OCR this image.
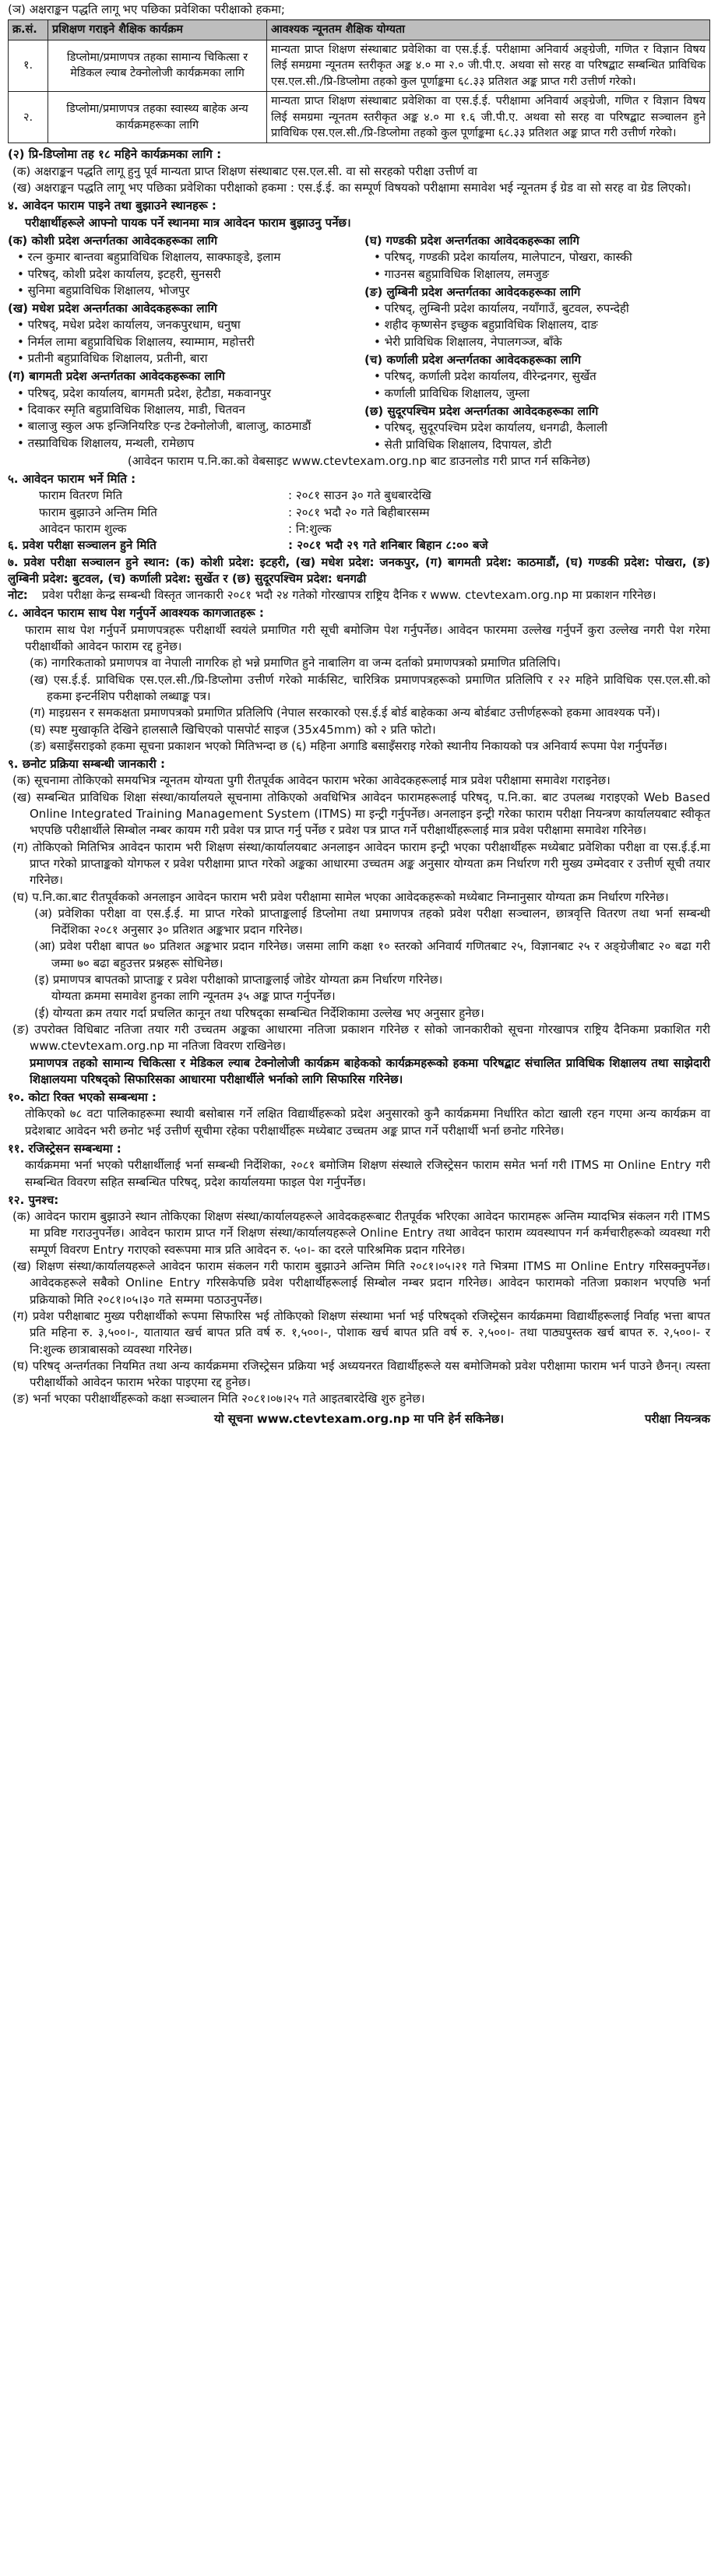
(ञ) अक्षराङ्कन पद्धति लागू भए पछिका प्रवेशिका परीक्षाको हकमा;

क्र.सं.	प्रशिक्षण गराइने शैक्षिक कार्यक्रम	आवश्यक न्यूनतम शैक्षिक योग्यता
१.	डिप्लोमा/प्रमाणपत्र तहका सामान्य चिकित्सा र मेडिकल ल्याब टेक्नोलोजी कार्यक्रमका लागि	मान्यता प्राप्त शिक्षण संस्थाबाट प्रवेशिका वा एस.ई.ई. परीक्षामा अनिवार्य अङ्ग्रेजी, गणित र विज्ञान विषय लिई समग्रमा न्यूनतम स्तरीकृत अङ्क ४.० मा २.० जी.पी.ए. अथवा सो सरह वा परिषद्बाट सम्बन्धित प्राविधिक एस.एल.सी./प्रि-डिप्लोमा तहको कुल पूर्णाङ्कमा ६८.३३ प्रतिशत अङ्क प्राप्त गरी उत्तीर्ण गरेको।
२.	डिप्लोमा/प्रमाणपत्र तहका स्वास्थ्य बाहेक अन्य कार्यक्रमहरूका लागि	मान्यता प्राप्त शिक्षण संस्थाबाट प्रवेशिका वा एस.ई.ई. परीक्षामा अनिवार्य अङ्ग्रेजी, गणित र विज्ञान विषय लिई समग्रमा न्यूनतम स्तरीकृत अङ्क ४.० मा १.६ जी.पी.ए. अथवा सो सरह वा परिषद्बाट सञ्चालन हुने प्राविधिक एस.एल.सी./प्रि-डिप्लोमा तहको कुल पूर्णाङ्कमा ६८.३३ प्रतिशत अङ्क प्राप्त गरी उत्तीर्ण गरेको।

(२) प्रि-डिप्लोमा तह १८ महिने कार्यक्रमका लागि :

(क) अक्षराङ्कन पद्धति लागू हुनु पूर्व मान्यता प्राप्त शिक्षण संस्थाबाट एस.एल.सी. वा सो सरहको परीक्षा उत्तीर्ण वा

(ख) अक्षराङ्कन पद्धति लागू भए पछिका प्रवेशिका परीक्षाको हकमा : एस.ई.ई. का सम्पूर्ण विषयको परीक्षामा समावेश भई न्यूनतम ई ग्रेड वा सो सरह वा ग्रेड लिएको।

४. आवेदन फाराम पाइने तथा बुझाउने स्थानहरू :

परीक्षार्थीहरूले आफ्नो पायक पर्ने स्थानमा मात्र आवेदन फाराम बुझाउनु पर्नेछ।

(क) कोशी प्रदेश अन्तर्गतका आवेदकहरूका लागि

• रत्न कुमार बान्तवा बहुप्राविधिक शिक्षालय, साक्फाङ्डे, इलाम

• परिषद्, कोशी प्रदेश कार्यालय, इटहरी, सुनसरी

• सुनिमा बहुप्राविधिक शिक्षालय, भोजपुर

(ख) मधेश प्रदेश अन्तर्गतका आवेदकहरूका लागि

• परिषद्, मधेश प्रदेश कार्यालय, जनकपुरधाम, धनुषा

• निर्मल लामा बहुप्राविधिक शिक्षालय, स्याम्माम, महोत्तरी

• प्रतीनी बहुप्राविधिक शिक्षालय, प्रतीनी, बारा

(ग) बागमती प्रदेश अन्तर्गतका आवेदकहरूका लागि

• परिषद्, प्रदेश कार्यालय, बागमती प्रदेश, हेटौडा, मकवानपुर

• दिवाकर स्मृति बहुप्राविधिक शिक्षालय, माडी, चितवन

• बालाजु स्कुल अफ इन्जिनियरिङ एन्ड टेक्नोलोजी, बालाजु, काठमाडौं

• तस्प्राविधिक शिक्षालय, मन्थली, रामेछाप

(घ) गण्डकी प्रदेश अन्तर्गतका आवेदकहरूका लागि

• परिषद्, गण्डकी प्रदेश कार्यालय, मालेपाटन, पोखरा, कास्की

• गाउनस बहुप्राविधिक शिक्षालय, लमजुङ

(ङ) लुम्बिनी प्रदेश अन्तर्गतका आवेदकहरूका लागि

• परिषद्, लुम्बिनी प्रदेश कार्यालय, नयाँगाउँ, बुटवल, रुपन्देही

• शहीद कृष्णसेन इच्छुक बहुप्राविधिक शिक्षालय, दाङ

• भेरी प्राविधिक शिक्षालय, नेपालगञ्ज, बाँके

(च) कर्णाली प्रदेश अन्तर्गतका आवेदकहरूका लागि

• परिषद्, कर्णाली प्रदेश कार्यालय, वीरेन्द्रनगर, सुर्खेत

• कर्णाली प्राविधिक शिक्षालय, जुम्ला

(छ) सुदूरपश्चिम प्रदेश अन्तर्गतका आवेदकहरूका लागि

• परिषद्, सुदूरपश्चिम प्रदेश कार्यालय, धनगढी, कैलाली

• सेती प्राविधिक शिक्षालय, दिपायल, डोटी

(आवेदन फाराम प.नि.का.को वेबसाइट www.ctevtexam.org.np बाट डाउनलोड गरी प्राप्त गर्न सकिनेछ)

५. आवेदन फाराम भर्ने मिति :

फाराम वितरण मिति	: २०८१ साउन ३० गते बुधबारदेखि
फाराम बुझाउने अन्तिम मिति	: २०८१ भदौ २० गते बिहीबारसम्म
आवेदन फाराम शुल्क	: नि:शुल्क
६. प्रवेश परीक्षा सञ्चालन हुने मिति	: २०८१ भदौ २९ गते शनिबार बिहान ८:०० बजे

७. प्रवेश परीक्षा सञ्चालन हुने स्थान: (क) कोशी प्रदेश: इटहरी, (ख) मधेश प्रदेश: जनकपुर, (ग) बागमती प्रदेश: काठमाडौं, (घ) गण्डकी प्रदेश: पोखरा, (ङ) लुम्बिनी प्रदेश: बुटवल, (च) कर्णाली प्रदेश: सुर्खेत र (छ) सुदूरपश्चिम प्रदेश: धनगढी

नोट:	प्रवेश परीक्षा केन्द्र सम्बन्धी विस्तृत जानकारी २०८१ भदौ २४ गतेको गोरखापत्र राष्ट्रिय दैनिक र www. ctevtexam.org.np मा प्रकाशन गरिनेछ।

८. आवेदन फाराम साथ पेश गर्नुपर्ने आवश्यक कागजातहरू :

फाराम साथ पेश गर्नुपर्ने प्रमाणपत्रहरू परीक्षार्थी स्वयंले प्रमाणित गरी सूची बमोजिम पेश गर्नुपर्नेछ। आवेदन फारममा उल्लेख गर्नुपर्ने कुरा उल्लेख नगरी पेश गरेमा परीक्षार्थीको आवेदन फाराम रद्द हुनेछ।

(क) नागरिकताको प्रमाणपत्र वा नेपाली नागरिक हो भन्ने प्रमाणित हुने नाबालिग वा जन्म दर्ताको प्रमाणपत्रको प्रमाणित प्रतिलिपि।

(ख) एस.ई.ई. प्राविधिक एस.एल.सी./प्रि-डिप्लोमा उत्तीर्ण गरेको मार्कसिट, चारित्रिक प्रमाणपत्रहरूको प्रमाणित प्रतिलिपि र २२ महिने प्राविधिक एस.एल.सी.को हकमा इन्टर्नशिप परीक्षाको लब्धाङ्क पत्र।

(ग) माइग्रसन र समकक्षता प्रमाणपत्रको प्रमाणित प्रतिलिपि (नेपाल सरकारको एस.ई.ई बोर्ड बाहेकका अन्य बोर्डबाट उत्तीर्णहरूको हकमा आवश्यक पर्ने)।

(घ) स्पष्ट मुखाकृति देखिने हालसालै खिचिएको पासपोर्ट साइज (35x45mm) को २ प्रति फोटो।

(ङ) बसाइँसराइको हकमा सूचना प्रकाशन भएको मितिभन्दा छ (६) महिना अगाडि बसाइँसराइ गरेको स्थानीय निकायको पत्र अनिवार्य रूपमा पेश गर्नुपर्नेछ।

९. छनोट प्रक्रिया सम्बन्धी जानकारी :

(क) सूचनामा तोकिएको समयभित्र न्यूनतम योग्यता पुगी रीतपूर्वक आवेदन फाराम भरेका आवेदकहरूलाई मात्र प्रवेश परीक्षामा समावेश गराइनेछ।

(ख) सम्बन्धित प्राविधिक शिक्षा संस्था/कार्यालयले सूचनामा तोकिएको अवधिभित्र आवेदन फारामहरूलाई परिषद्, प.नि.का. बाट उपलब्ध गराइएको Web Based Online Integrated Training Management System (ITMS) मा इन्ट्री गर्नुपर्नेछ। अनलाइन इन्ट्री गरेका फाराम परीक्षा नियन्त्रण कार्यालयबाट स्वीकृत भएपछि परीक्षार्थीले सिम्बोल नम्बर कायम गरी प्रवेश पत्र प्राप्त गर्नु पर्नेछ र प्रवेश पत्र प्राप्त गर्ने परीक्षार्थीहरूलाई मात्र प्रवेश परीक्षामा समावेश गरिनेछ।

(ग) तोकिएको मितिभित्र आवेदन फाराम भरी शिक्षण संस्था/कार्यालयबाट अनलाइन आवेदन फाराम इन्ट्री भएका परीक्षार्थीहरू मध्येबाट प्रवेशिका परीक्षा वा एस.ई.ई.मा प्राप्त गरेको प्राप्ताङ्कको योगफल र प्रवेश परीक्षामा प्राप्त गरेको अङ्कका आधारमा उच्चतम अङ्क अनुसार योग्यता क्रम निर्धारण गरी मुख्य उम्मेदवार र उत्तीर्ण सूची तयार गरिनेछ।

(घ) प.नि.का.बाट रीतपूर्वकको अनलाइन आवेदन फाराम भरी प्रवेश परीक्षामा सामेल भएका आवेदकहरूको मध्येबाट निम्नानुसार योग्यता क्रम निर्धारण गरिनेछ।

(अ) प्रवेशिका परीक्षा वा एस.ई.ई. मा प्राप्त गरेको प्राप्ताङ्कलाई डिप्लोमा तथा प्रमाणपत्र तहको प्रवेश परीक्षा सञ्चालन, छात्रवृत्ति वितरण तथा भर्ना सम्बन्धी निर्देशिका २०८१ अनुसार ३० प्रतिशत अङ्कभार प्रदान गरिनेछ।

(आ) प्रवेश परीक्षा बापत ७० प्रतिशत अङ्कभार प्रदान गरिनेछ। जसमा लागि कक्षा १० स्तरको अनिवार्य गणितबाट २५, विज्ञानबाट २५ र अङ्ग्रेजीबाट २० बढा गरी जम्मा ७० बढा बहुउत्तर प्रश्नहरू सोधिनेछ।

(इ) प्रमाणपत्र बापतको प्राप्ताङ्क र प्रवेश परीक्षाको प्राप्ताङ्कलाई जोडेर योग्यता क्रम निर्धारण गरिनेछ।

योग्यता क्रममा समावेश हुनका लागि न्यूनतम ३५ अङ्क प्राप्त गर्नुपर्नेछ।

(ई) योग्यता क्रम तयार गर्दा प्रचलित कानून तथा परिषद्का सम्बन्धित निर्देशिकामा उल्लेख भए अनुसार हुनेछ।

(ङ) उपरोक्त विधिबाट नतिजा तयार गरी उच्चतम अङ्कका आधारमा नतिजा प्रकाशन गरिनेछ र सोको जानकारीको सूचना गोरखापत्र राष्ट्रिय दैनिकमा प्रकाशित गरी www.ctevtexam.org.np मा नतिजा विवरण राखिनेछ।

प्रमाणपत्र तहको सामान्य चिकित्सा र मेडिकल ल्याब टेक्नोलोजी कार्यक्रम बाहेकको कार्यक्रमहरूको हकमा परिषद्बाट संचालित प्राविधिक शिक्षालय तथा साझेदारी शिक्षालयमा परिषद्को सिफारिसका आधारमा परीक्षार्थीले भर्नाको लागि सिफारिस गरिनेछ।

१०. कोटा रिक्त भएको सम्बन्धमा :

तोकिएको ७८ वटा पालिकाहरूमा स्थायी बसोबास गर्ने लक्षित विद्यार्थीहरूको प्रदेश अनुसारको कुनै कार्यक्रममा निर्धारित कोटा खाली रहन गएमा अन्य कार्यक्रम वा प्रदेशबाट आवेदन भरी छनोट भई उत्तीर्ण सूचीमा रहेका परीक्षार्थीहरू मध्येबाट उच्चतम अङ्क प्राप्त गर्ने परीक्षार्थी भर्ना छनोट गरिनेछ।

११. रजिस्ट्रेसन सम्बन्धमा :

कार्यक्रममा भर्ना भएको परीक्षार्थीलाई भर्ना सम्बन्धी निर्देशिका, २०८१ बमोजिम शिक्षण संस्थाले रजिस्ट्रेसन फाराम समेत भर्ना गरी ITMS मा Online Entry गरी सम्बन्धित विवरण सहित सम्बन्धित परिषद्, प्रदेश कार्यालयमा फाइल पेश गर्नुपर्नेछ।

१२. पुनश्च:

(क) आवेदन फाराम बुझाउने स्थान तोकिएका शिक्षण संस्था/कार्यालयहरूले आवेदकहरूबाट रीतपूर्वक भरिएका आवेदन फारामहरू अन्तिम म्यादभित्र संकलन गरी ITMS मा प्रविष्ट गराउनुपर्नेछ। आवेदन फाराम प्राप्त गर्ने शिक्षण संस्था/कार्यालयहरूले Online Entry तथा आवेदन फाराम व्यवस्थापन गर्न कर्मचारीहरूको व्यवस्था गरी सम्पूर्ण विवरण Entry गराएको स्वरूपमा मात्र प्रति आवेदन रु. ५०।- का दरले पारिश्रमिक प्रदान गरिनेछ।

(ख) शिक्षण संस्था/कार्यालयहरूले आवेदन फाराम संकलन गरी फाराम बुझाउने अन्तिम मिति २०८१।०५।२१ गते भित्रमा ITMS मा Online Entry गरिसक्नुपर्नेछ। आवेदकहरूले सबैको Online Entry गरिसकेपछि प्रवेश परीक्षार्थीहरूलाई सिम्बोल नम्बर प्रदान गरिनेछ। आवेदन फारामको नतिजा प्रकाशन भएपछि भर्ना प्रक्रियाको मिति २०८१।०५।३० गते सम्ममा पठाउनुपर्नेछ।

(ग) प्रवेश परीक्षाबाट मुख्य परीक्षार्थीको रूपमा सिफारिस भई तोकिएको शिक्षण संस्थामा भर्ना भई परिषद्को रजिस्ट्रेसन कार्यक्रममा विद्यार्थीहरूलाई निर्वाह भत्ता बापत प्रति महिना रु. ३,५००।-, यातायात खर्च बापत प्रति वर्ष रु. १,५००।-, पोशाक खर्च बापत प्रति वर्ष रु. २,५००।- तथा पाठ्यपुस्तक खर्च बापत रु. २,५००।- र नि:शुल्क छात्राबासको व्यवस्था गरिनेछ।

(घ) परिषद् अन्तर्गतका नियमित तथा अन्य कार्यक्रममा रजिस्ट्रेसन प्रक्रिया भई अध्ययनरत विद्यार्थीहरूले यस बमोजिमको प्रवेश परीक्षामा फाराम भर्न पाउने छैनन्। त्यस्ता परीक्षार्थीको आवेदन फाराम भरेका पाइएमा रद्द हुनेछ।

(ङ) भर्ना भएका परीक्षार्थीहरूको कक्षा सञ्चालन मिति २०८१।०७।२५ गते आइतबारदेखि शुरु हुनेछ।

यो सूचना www.ctevtexam.org.np मा पनि हेर्न सकिनेछ।	परीक्षा नियन्त्रक
